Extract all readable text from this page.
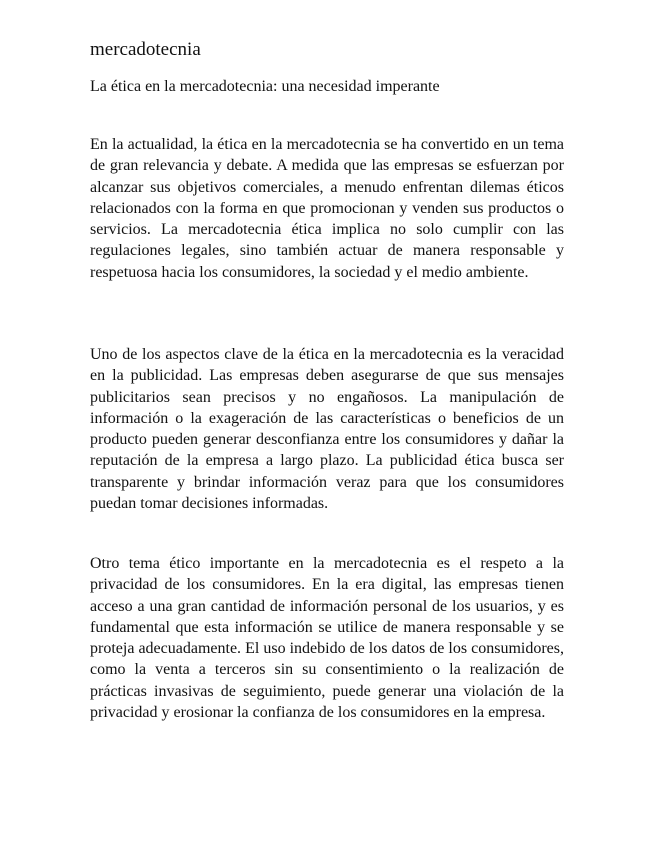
mercadotecnia
La ética en la mercadotecnia: una necesidad imperante

En la actualidad, la ética en la mercadotecnia se ha convertido en un tema de gran relevancia y debate. A medida que las empresas se esfuerzan por alcanzar sus objetivos comerciales, a menudo enfrentan dilemas éticos relacionados con la forma en que promocionan y venden sus productos o servicios. La mercadotecnia ética implica no solo cumplir con las regulaciones legales, sino también actuar de manera responsable y respetuosa hacia los consumidores, la sociedad y el medio ambiente.

Uno de los aspectos clave de la ética en la mercadotecnia es la veracidad en la publicidad. Las empresas deben asegurarse de que sus mensajes publicitarios sean precisos y no engañosos. La manipulación de información o la exageración de las características o beneficios de un producto pueden generar desconfianza entre los consumidores y dañar la reputación de la empresa a largo plazo. La publicidad ética busca ser transparente y brindar información veraz para que los consumidores puedan tomar decisiones informadas.

Otro tema ético importante en la mercadotecnia es el respeto a la privacidad de los consumidores. En la era digital, las empresas tienen acceso a una gran cantidad de información personal de los usuarios, y es fundamental que esta información se utilice de manera responsable y se proteja adecuadamente. El uso indebido de los datos de los consumidores, como la venta a terceros sin su consentimiento o la realización de prácticas invasivas de seguimiento, puede generar una violación de la privacidad y erosionar la confianza de los consumidores en la empresa.
